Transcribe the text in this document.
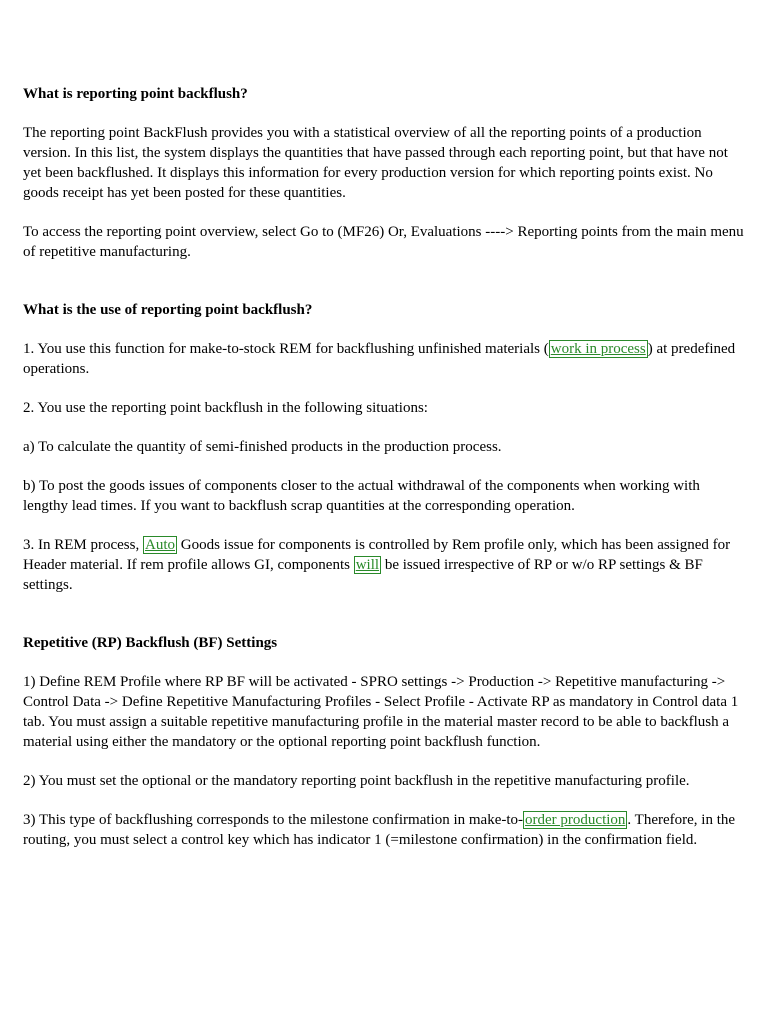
What is reporting point backflush?

The reporting point BackFlush provides you with a statistical overview of all the reporting points of a production version. In this list, the system displays the quantities that have passed through each reporting point, but that have not yet been backflushed. It displays this information for every production version for which reporting points exist. No goods receipt has yet been posted for these quantities.

To access the reporting point overview, select Go to (MF26) Or, Evaluations ----> Reporting points from the main menu of repetitive manufacturing.

What is the use of reporting point backflush?

1. You use this function for make-to-stock REM for backflushing unfinished materials ( work in process ) at predefined operations.

2. You use the reporting point backflush in the following situations:

a) To calculate the quantity of semi-finished products in the production process.

b) To post the goods issues of components closer to the actual withdrawal of the components when working with lengthy lead times. If you want to backflush scrap quantities at the corresponding operation.

3. In REM process, Auto Goods issue for components is controlled by Rem profile only, which has been assigned for Header material. If rem profile allows GI, components will be issued irrespective of RP or w/o RP settings & BF settings.

Repetitive (RP) Backflush (BF) Settings

1) Define REM Profile where RP BF will be activated - SPRO settings -> Production -> Repetitive manufacturing -> Control Data -> Define Repetitive Manufacturing Profiles - Select Profile - Activate RP as mandatory in Control data 1 tab. You must assign a suitable repetitive manufacturing profile in the material master record to be able to backflush a material using either the mandatory or the optional reporting point backflush function.

2) You must set the optional or the mandatory reporting point backflush in the repetitive manufacturing profile.

3) This type of backflushing corresponds to the milestone confirmation in make-to- order production . Therefore, in the routing, you must select a control key which has indicator 1 (=milestone confirmation) in the confirmation field.
